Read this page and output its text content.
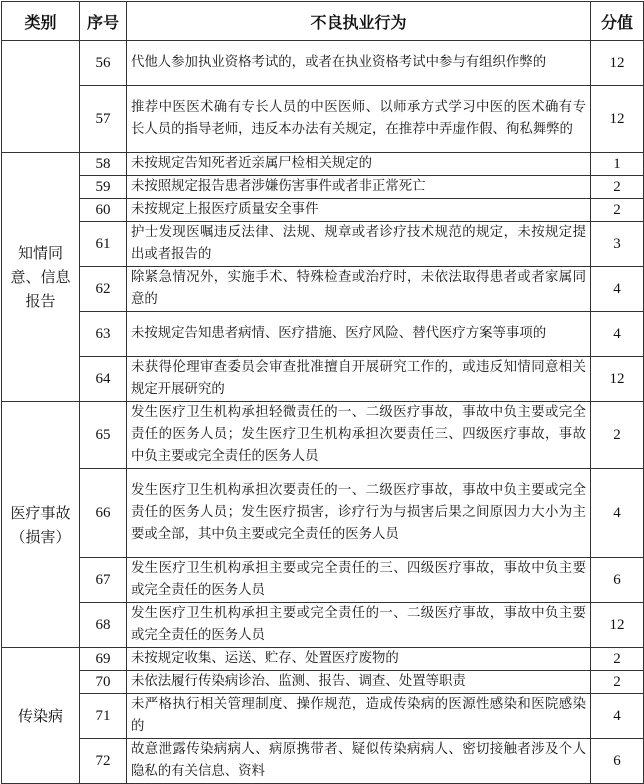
类别	序号	不良执业行为	分值
	56	代他人参加执业资格考试的，或者在执业资格考试中参与有组织作弊的	12
	57	推荐中医医术确有专长人员的中医医师、以师承方式学习中医的医术确有专长人员的指导老师，违反本办法有关规定，在推荐中弄虚作假、徇私舞弊的	12
知情同意、信息报告	58	未按规定告知死者近亲属尸检相关规定的	1
	59	未按照规定报告患者涉嫌伤害事件或者非正常死亡	2
	60	未按规定上报医疗质量安全事件	2
	61	护士发现医嘱违反法律、法规、规章或者诊疗技术规范的规定，未按规定提出或者报告的	3
	62	除紧急情况外，实施手术、特殊检查或治疗时，未依法取得患者或者家属同意的	4
	63	未按规定告知患者病情、医疗措施、医疗风险、替代医疗方案等事项的	4
	64	未获得伦理审查委员会审查批准擅自开展研究工作的，或违反知情同意相关规定开展研究的	12
医疗事故（损害）	65	发生医疗卫生机构承担轻微责任的一、二级医疗事故，事故中负主要或完全责任的医务人员；发生医疗卫生机构承担次要责任三、四级医疗事故，事故中负主要或完全责任的医务人员	2
	66	发生医疗卫生机构承担次要责任的一、二级医疗事故，事故中负主要或完全责任的医务人员；发生医疗损害，诊疗行为与损害后果之间原因力大小为主要或全部，其中负主要或完全责任的医务人员	4
	67	发生医疗卫生机构承担主要或完全责任的三、四级医疗事故，事故中负主要或完全责任的医务人员	6
	68	发生医疗卫生机构承担主要或完全责任的一、二级医疗事故，事故中负主要或完全责任的医务人员	12
传染病	69	未按规定收集、运送、贮存、处置医疗废物的	2
	70	未依法履行传染病诊治、监测、报告、调查、处置等职责	2
	71	未严格执行相关管理制度、操作规范，造成传染病的医源性感染和医院感染的	4
	72	故意泄露传染病病人、病原携带者、疑似传染病病人、密切接触者涉及个人隐私的有关信息、资料	6
